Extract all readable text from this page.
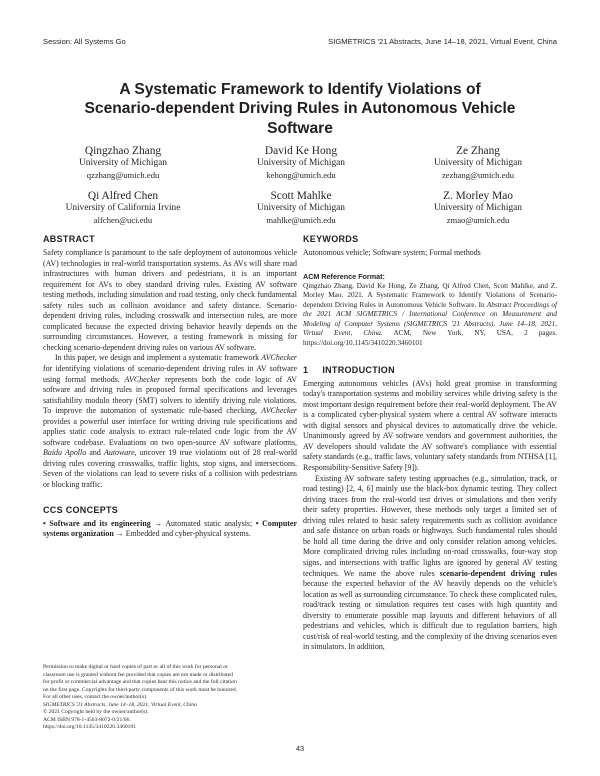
Session: All Systems Go	SIGMETRICS '21 Abstracts, June 14–18, 2021, Virtual Event, China
A Systematic Framework to Identify Violations of
Scenario-dependent Driving Rules in Autonomous Vehicle
Software
Qingzhao Zhang
University of Michigan
qzzhang@umich.edu
David Ke Hong
University of Michigan
kehong@umich.edu
Ze Zhang
University of Michigan
zezhang@umich.edu
Qi Alfred Chen
University of California Irvine
alfchen@uci.edu
Scott Mahlke
University of Michigan
mahlke@umich.edu
Z. Morley Mao
University of Michigan
zmao@umich.edu
ABSTRACT

Safety compliance is paramount to the safe deployment of autonomous vehicle (AV) technologies in real-world transportation systems. As AVs will share road infrastructures with human drivers and pedestrians, it is an important requirement for AVs to obey standard driving rules. Existing AV software testing methods, including simulation and road testing, only check fundamental safety rules such as collision avoidance and safety distance. Scenario-dependent driving rules, including crosswalk and intersection rules, are more complicated because the expected driving behavior heavily depends on the surrounding circumstances. However, a testing framework is missing for checking scenario-dependent driving rules on various AV software.

In this paper, we design and implement a systematic framework AVChecker for identifying violations of scenario-dependent driving rules in AV software using formal methods. AVChecker represents both the code logic of AV software and driving rules in proposed formal specifications and leverages satisfiability modulo theory (SMT) solvers to identify driving rule violations. To improve the automation of systematic rule-based checking, AVChecker provides a powerful user interface for writing driving rule specifications and applies static code analysis to extract rule-related code logic from the AV software codebase. Evaluations on two open-source AV software platforms, Baidu Apollo and Autoware, uncover 19 true violations out of 28 real-world driving rules covering crosswalks, traffic lights, stop signs, and intersections. Seven of the violations can lead to severe risks of a collision with pedestrians or blocking traffic.

CCS CONCEPTS

• Software and its engineering → Automated static analysis; • Computer systems organization → Embedded and cyber-physical systems.

KEYWORDS

Autonomous vehicle; Software system; Formal methods

ACM Reference Format:

Qingzhao Zhang, David Ke Hong, Ze Zhang, Qi Alfred Chen, Scott Mahlke, and Z. Morley Mao. 2021. A Systematic Framework to Identify Violations of Scenario-dependent Driving Rules in Autonomous Vehicle Software. In Abstract Proceedings of the 2021 ACM SIGMETRICS / International Conference on Measurement and Modeling of Computer Systems (SIGMETRICS '21 Abstracts), June 14–18, 2021, Virtual Event, China. ACM, New York, NY, USA, 2 pages. https://doi.org/10.1145/3410220.3460101

1 INTRODUCTION

Emerging autonomous vehicles (AVs) hold great promise in transforming today's transportation systems and mobility services while driving safety is the most important design requirement before their real-world deployment. The AV is a complicated cyber-physical system where a central AV software interacts with digital sensors and physical devices to automatically drive the vehicle. Unanimously agreed by AV software vendors and government authorities, the AV developers should validate the AV software's compliance with essential safety standards (e.g., traffic laws, voluntary safety standards from NTHSA [1], Responsibility-Sensitive Safety [9]).

Existing AV software safety testing approaches (e.g., simulation, track, or road testing) [2, 4, 6] mainly use the black-box dynamic testing. They collect driving traces from the real-world test drives or simulations and then verify their safety properties. However, these methods only target a limited set of driving rules related to basic safety requirements such as collision avoidance and safe distance on urban roads or highways. Such fundamental rules should be hold all time during the drive and only consider relation among vehicles. More complicated driving rules including on-road crosswalks, four-way stop signs, and intersections with traffic lights are ignored by general AV testing techniques. We name the above rules scenario-dependent driving rules because the expected behavior of the AV heavily depends on the vehicle's location as well as surrounding circumstance. To check these complicated rules, road/track testing or simulation requires test cases with high quantity and diversity to enumerate possible map layouts and different behaviors of all pedestrians and vehicles, which is difficult due to regulation barriers, high cost/risk of real-world testing, and the complexity of the driving scenarios even in simulators. In addition,

Permission to make digital or hard copies of part or all of this work for personal or
classroom use is granted without fee provided that copies are not made or distributed
for profit or commercial advantage and that copies bear this notice and the full citation
on the first page. Copyrights for third-party components of this work must be honored.
For all other uses, contact the owner/author(s).
SIGMETRICS '21 Abstracts, June 14–18, 2021, Virtual Event, China
© 2021 Copyright held by the owner/author(s).
ACM ISBN 978-1-4503-8072-0/21/06.
https://doi.org/10.1145/3410220.3460101
43
